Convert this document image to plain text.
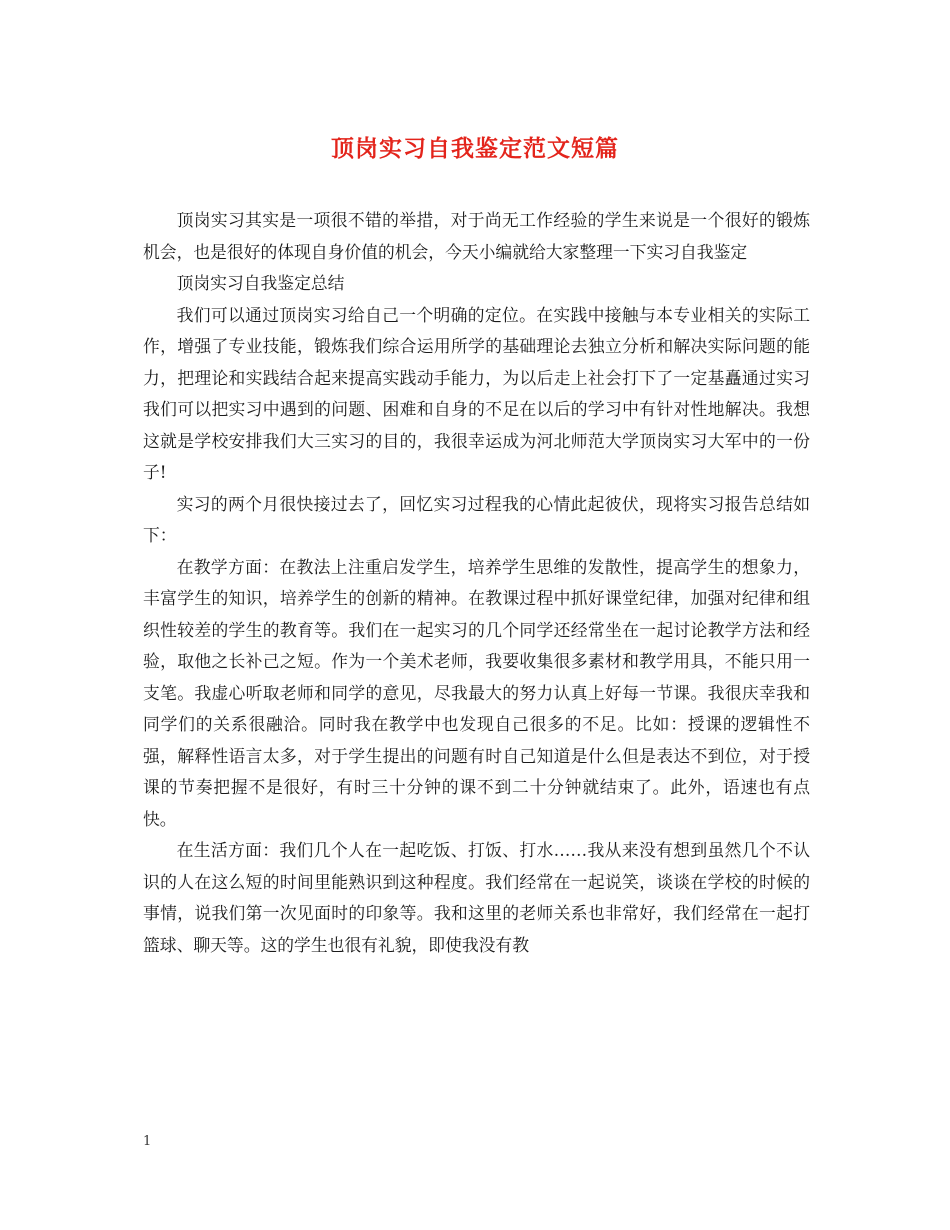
顶岗实习自我鉴定范文短篇

顶岗实习其实是一项很不错的举措，对于尚无工作经验的学生来说是一个很好的锻炼机会，也是很好的体现自身价值的机会，今天小编就给大家整理一下实习自我鉴定

顶岗实习自我鉴定总结

我们可以通过顶岗实习给自己一个明确的定位。在实践中接触与本专业相关的实际工作，增强了专业技能，锻炼我们综合运用所学的基础理论去独立分析和解决实际问题的能力，把理论和实践结合起来提高实践动手能力，为以后走上社会打下了一定基矗通过实习我们可以把实习中遇到的问题、困难和自身的不足在以后的学习中有针对性地解决。我想这就是学校安排我们大三实习的目的，我很幸运成为河北师范大学顶岗实习大军中的一份子!

实习的两个月很快接过去了，回忆实习过程我的心情此起彼伏，现将实习报告总结如下：

在教学方面：在教法上注重启发学生，培养学生思维的发散性，提高学生的想象力，丰富学生的知识，培养学生的创新的精神。在教课过程中抓好课堂纪律，加强对纪律和组织性较差的学生的教育等。我们在一起实习的几个同学还经常坐在一起讨论教学方法和经验，取他之长补己之短。作为一个美术老师，我要收集很多素材和教学用具，不能只用一支笔。我虚心听取老师和同学的意见，尽我最大的努力认真上好每一节课。我很庆幸我和同学们的关系很融洽。同时我在教学中也发现自己很多的不足。比如：授课的逻辑性不强，解释性语言太多，对于学生提出的问题有时自己知道是什么但是表达不到位，对于授课的节奏把握不是很好，有时三十分钟的课不到二十分钟就结束了。此外，语速也有点快。

在生活方面：我们几个人在一起吃饭、打饭、打水……我从来没有想到虽然几个不认识的人在这么短的时间里能熟识到这种程度。我们经常在一起说笑，谈谈在学校的时候的事情，说我们第一次见面时的印象等。我和这里的老师关系也非常好，我们经常在一起打篮球、聊天等。这的学生也很有礼貌，即使我没有教

1
